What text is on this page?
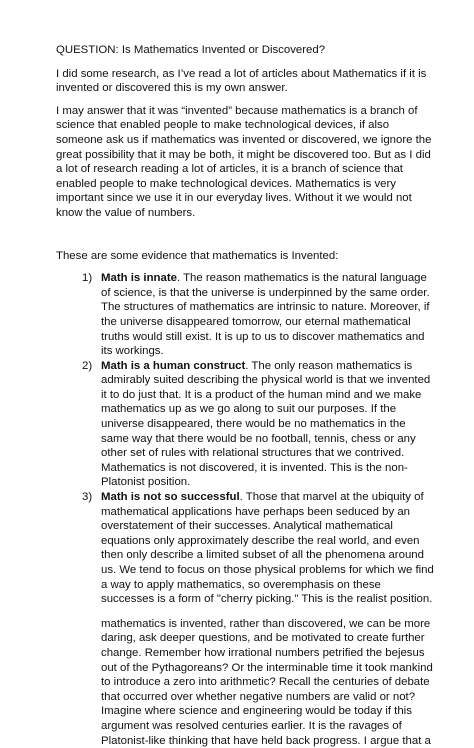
QUESTION: Is Mathematics Invented or Discovered?

I did some research, as I’ve read a lot of articles about Mathematics if it is invented or discovered this is my own answer.

I may answer that it was “invented” because mathematics is a branch of science that enabled people to make technological devices, if also someone ask us if mathematics was invented or discovered, we ignore the great possibility that it may be both, it might be discovered too. But as I did a lot of research reading a lot of articles, it is a branch of science that enabled people to make technological devices. Mathematics is very important since we use it in our everyday lives. Without it we would not know the value of numbers.

These are some evidence that mathematics is Invented:

1) Math is innate. The reason mathematics is the natural language of science, is that the universe is underpinned by the same order. The structures of mathematics are intrinsic to nature. Moreover, if the universe disappeared tomorrow, our eternal mathematical truths would still exist. It is up to us to discover mathematics and its workings.
2) Math is a human construct. The only reason mathematics is admirably suited describing the physical world is that we invented it to do just that. It is a product of the human mind and we make mathematics up as we go along to suit our purposes. If the universe disappeared, there would be no mathematics in the same way that there would be no football, tennis, chess or any other set of rules with relational structures that we contrived. Mathematics is not discovered, it is invented. This is the non-Platonist position.
3) Math is not so successful. Those that marvel at the ubiquity of mathematical applications have perhaps been seduced by an overstatement of their successes. Analytical mathematical equations only approximately describe the real world, and even then only describe a limited subset of all the phenomena around us. We tend to focus on those physical problems for which we find a way to apply mathematics, so overemphasis on these successes is a form of "cherry picking." This is the realist position.

mathematics is invented, rather than discovered, we can be more daring, ask deeper questions, and be motivated to create further change. Remember how irrational numbers petrified the bejesus out of the Pythagoreans? Or the interminable time it took mankind to introduce a zero into arithmetic? Recall the centuries of debate that occurred over whether negative numbers are valid or not? Imagine where science and engineering would be today if this argument was resolved centuries earlier. It is the ravages of Platonist-like thinking that have held back progress. I argue that a
